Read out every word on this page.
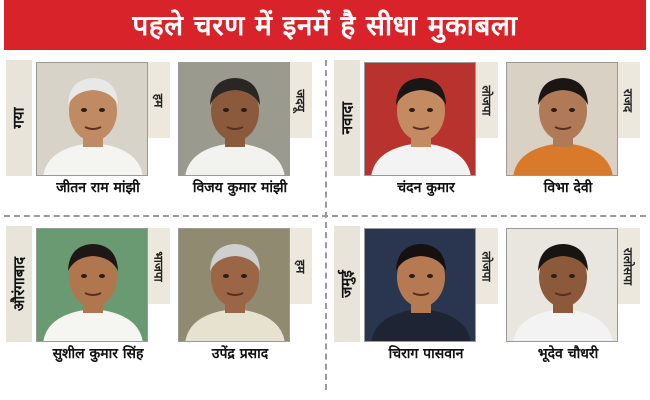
पहले चरण में इनमें है सीधा मुकाबला
गया
हम
जीतन राम मांझी
जदयू
विजय कुमार मांझी
नवादा
लोजपा
चंदन कुमार
राजद
विभा देवी
औरंगाबाद	भाजपा
सुशील कुमार सिंह
हम
उपेंद्र प्रसाद
जमुई
लोजपा
चिराग पासवान
रालोसपा
भूदेव चौधरी
